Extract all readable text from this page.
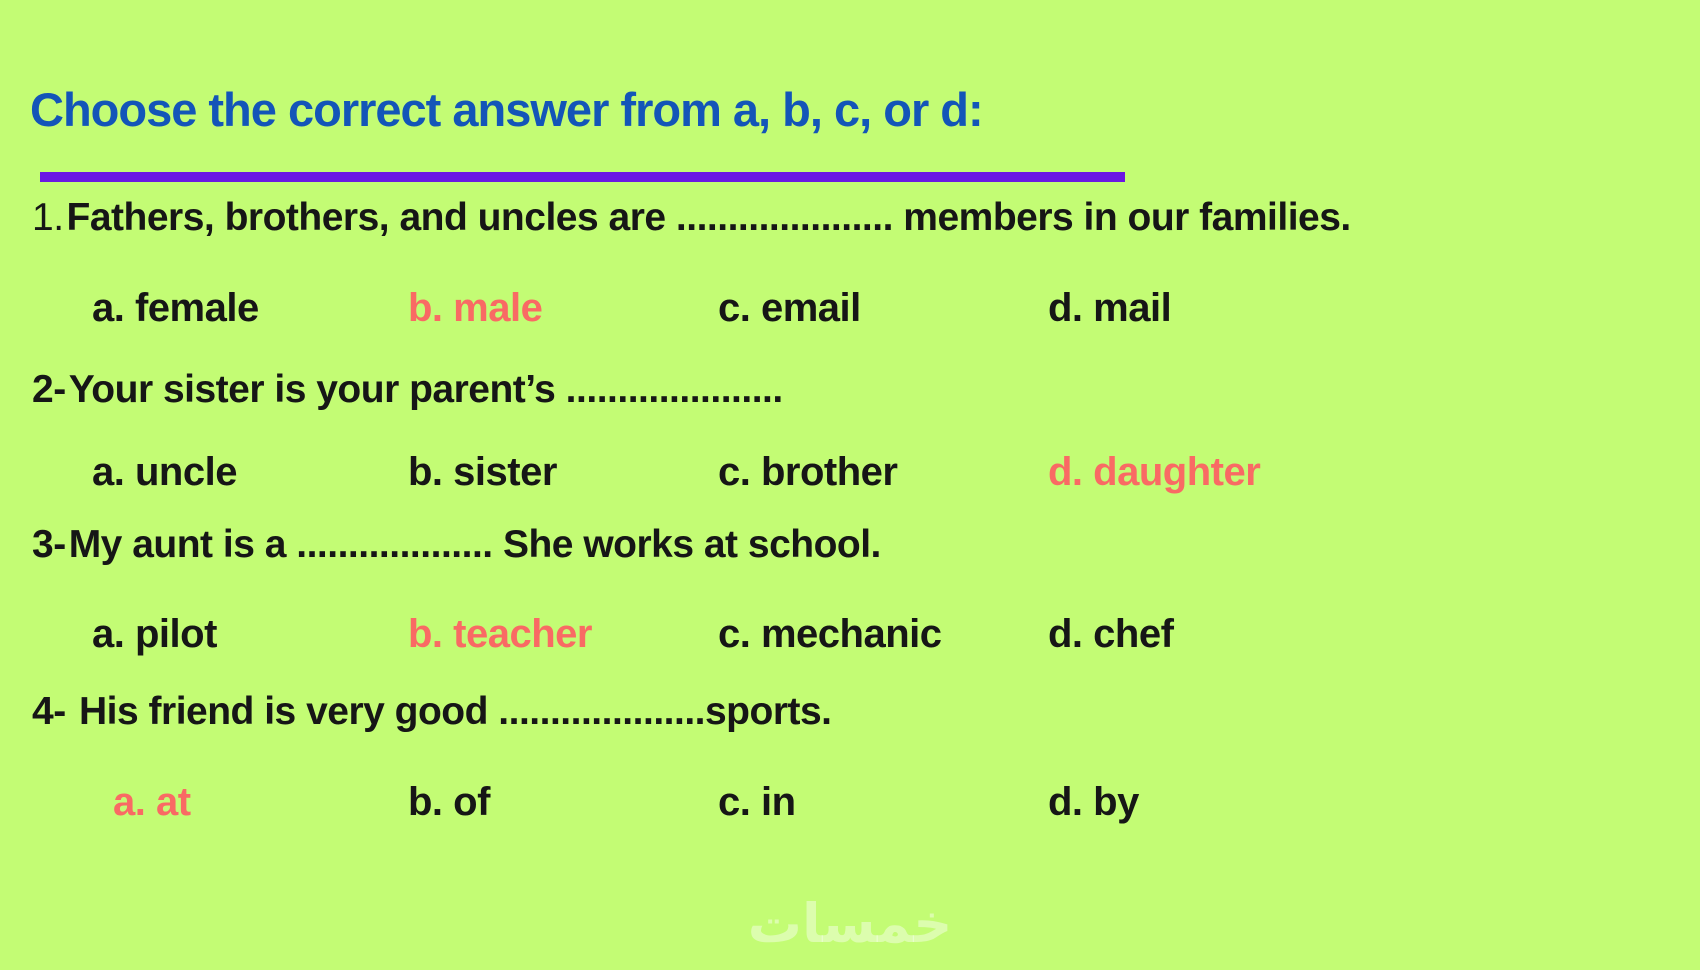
Choose the correct answer from a, b, c, or d:
1.Fathers, brothers, and uncles are ..................... members in our families.
a. female	b. male	c. email	d. mail
2-Your sister is your parent’s .....................
a. uncle	b. sister	c. brother	d. daughter
3-My aunt is a ................... She works at school.
a. pilot	b. teacher	c. mechanic	d. chef
4- His friend is very good ....................sports.
a. at	b. of	c. in	d. by
خمسات
